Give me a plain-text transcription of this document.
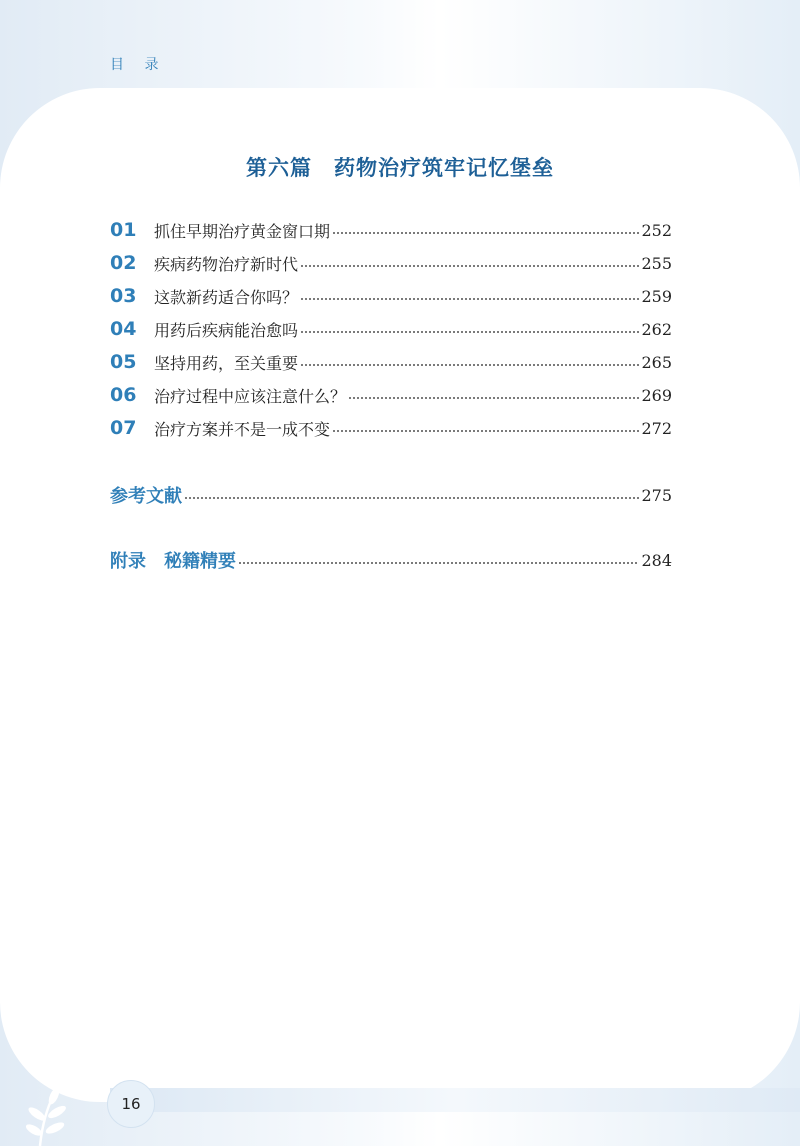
目 录
第六篇 药物治疗筑牢记忆堡垒
01	抓住早期治疗黄金窗口期	252
02	疾病药物治疗新时代	255
03	这款新药适合你吗？	259
04	用药后疾病能治愈吗	262
05	坚持用药，至关重要	265
06	治疗过程中应该注意什么？	269
07	治疗方案并不是一成不变	272
参考文献	275
附录 秘籍精要	284
16
